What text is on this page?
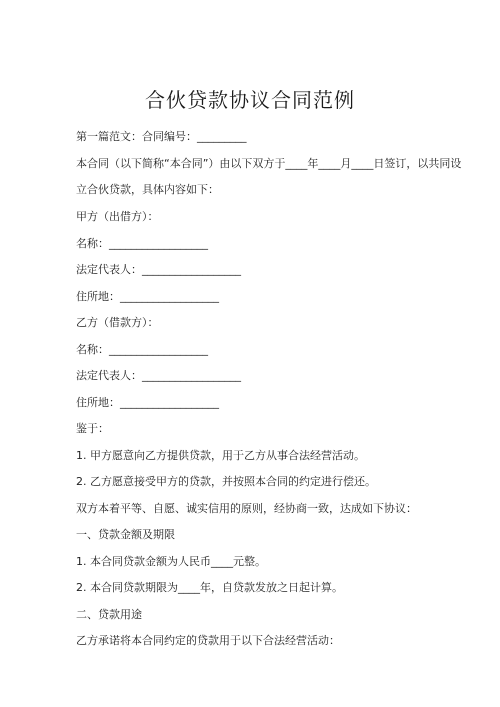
合伙贷款协议合同范例
第一篇范文：合同编号：_________
本合同（以下简称“本合同”）由以下双方于____年____月____日签订，以共同设
立合伙贷款，具体内容如下：
甲方（出借方）：
名称：__________________
法定代表人：__________________
住所地：__________________
乙方（借款方）：
名称：__________________
法定代表人：__________________
住所地：__________________
鉴于：
1. 甲方愿意向乙方提供贷款，用于乙方从事合法经营活动。
2. 乙方愿意接受甲方的贷款，并按照本合同的约定进行偿还。
双方本着平等、自愿、诚实信用的原则，经协商一致，达成如下协议：
一、贷款金额及期限
1. 本合同贷款金额为人民币____元整。
2. 本合同贷款期限为____年，自贷款发放之日起计算。
二、贷款用途
乙方承诺将本合同约定的贷款用于以下合法经营活动：
